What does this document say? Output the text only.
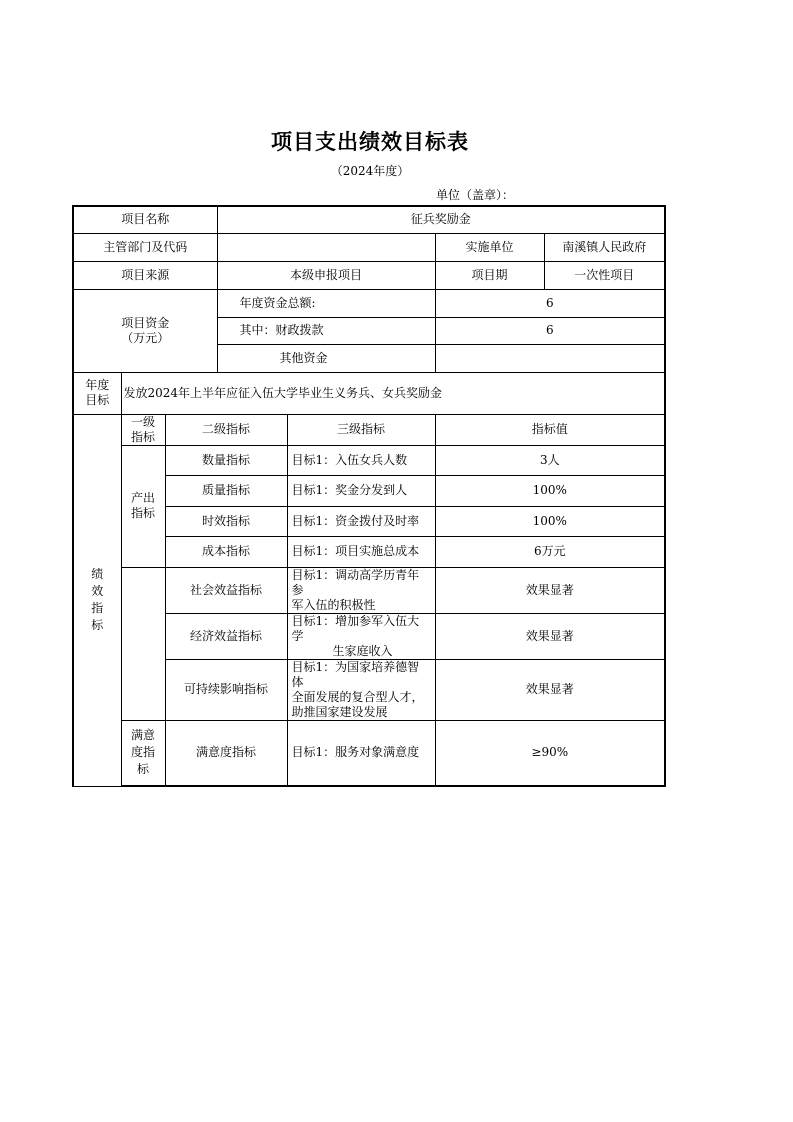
项目支出绩效目标表
（2024年度）
单位（盖章）：
项目名称			征兵奖励金			
主管部门及代码					实施单位	南溪镇人民政府
项目来源			本级申报项目		项目期	一次性项目

项目资金
（万元）			年度资金总额:		6	
			其中：财政拨款		6	
			其他资金			

年度
目标	发放2024年上半年应征入伍大学毕业生义务兵、女兵奖励金					

绩效指标	一级
指标	二级指标		三级指标	指标值	

	产出
指标	数量指标		目标1：入伍女兵人数	3人	
		质量指标		目标1：奖金分发到人	100%	
		时效指标		目标1：资金拨付及时率	100%	
		成本指标		目标1：项目实施总成本	6万元	
		社会效益指标		目标1：调动高学历青年参
军入伍的积极性	效果显著	
		经济效益指标		目标1：增加参军入伍大学
生家庭收入	效果显著	
		可持续影响指标		目标1：为国家培养德智体
全面发展的复合型人才，
助推国家建设发展	效果显著	

	满意度指标	满意度指标		目标1：服务对象满意度	≥90%	
